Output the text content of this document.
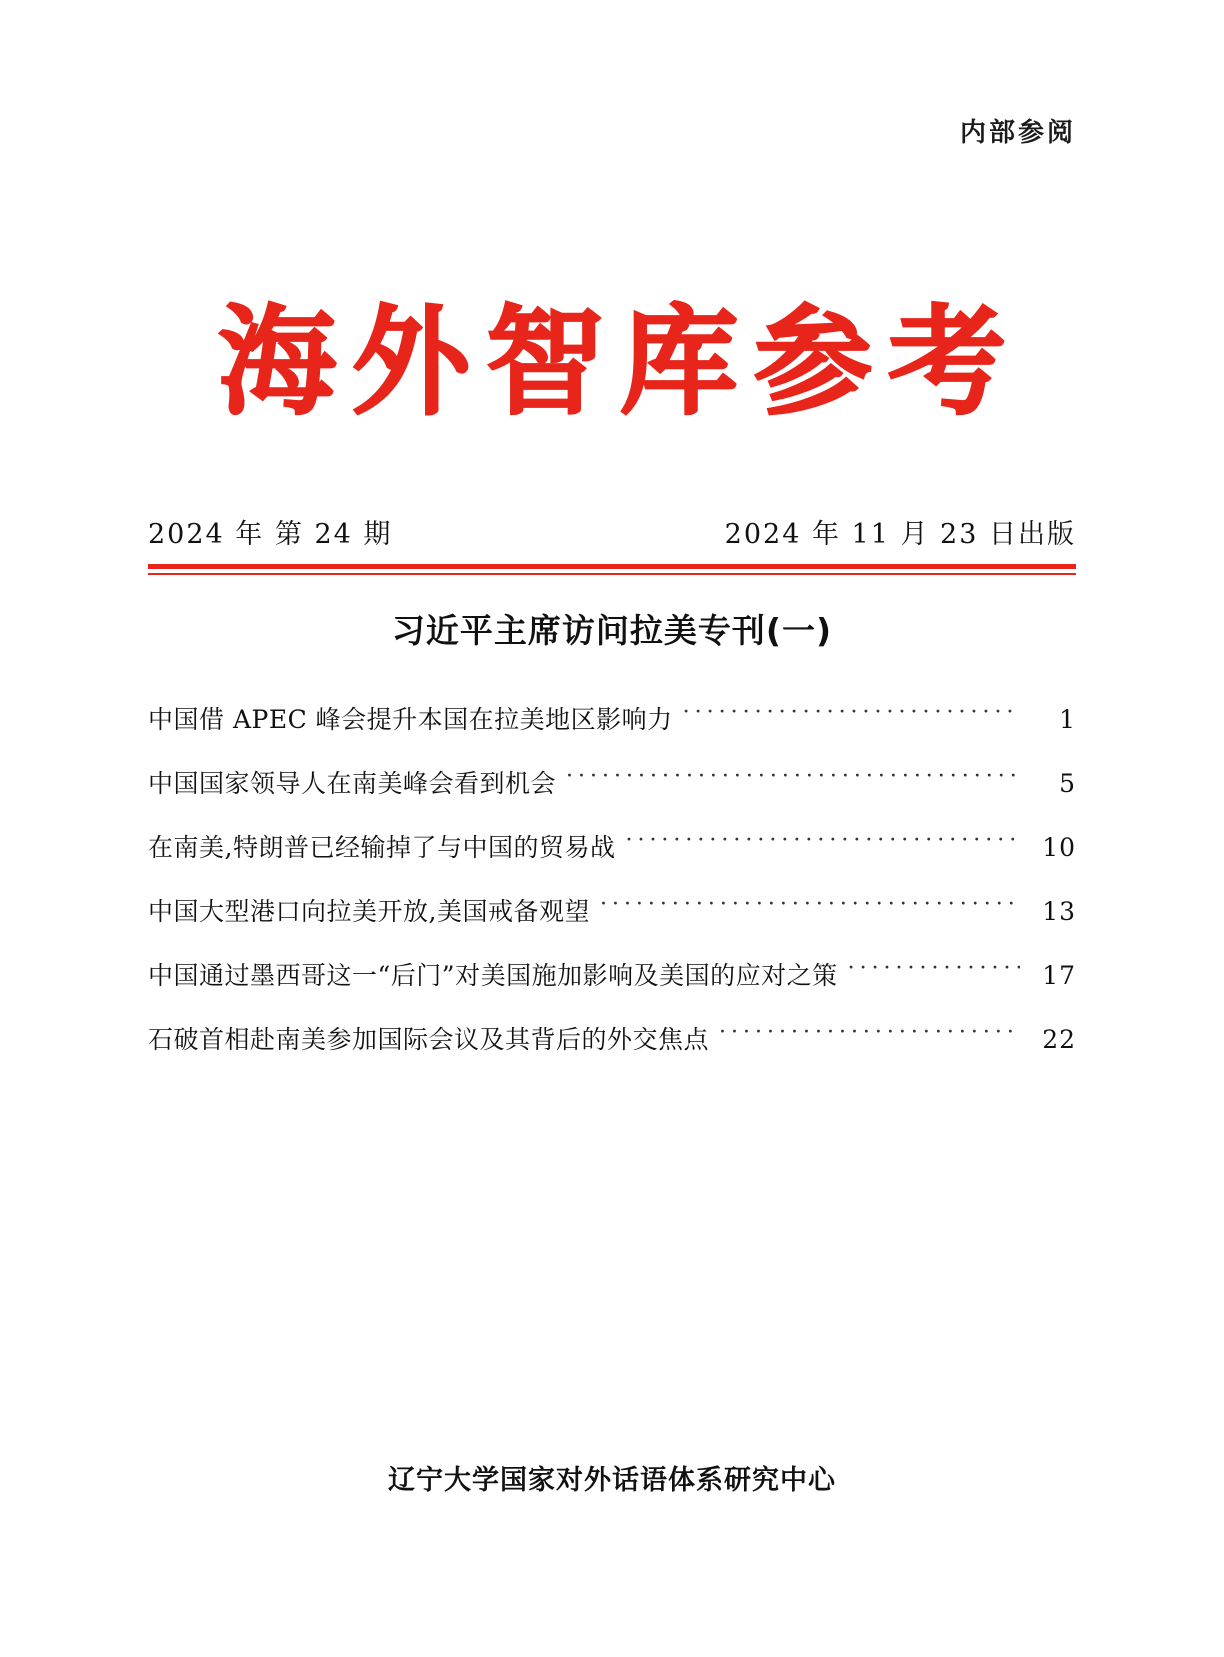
内部参阅
海外智库参考
2024 年 第 24 期	2024 年 11 月 23 日出版
习近平主席访问拉美专刊(一)
中国借 APEC 峰会提升本国在拉美地区影响力 ·····	1
中国国家领导人在南美峰会看到机会 ·····	5
在南美,特朗普已经输掉了与中国的贸易战 ·····	10
中国大型港口向拉美开放,美国戒备观望 ·····	13
中国通过墨西哥这一“后门”对美国施加影响及美国的应对之策 ·····	17
石破首相赴南美参加国际会议及其背后的外交焦点 ·····	22
辽宁大学国家对外话语体系研究中心
